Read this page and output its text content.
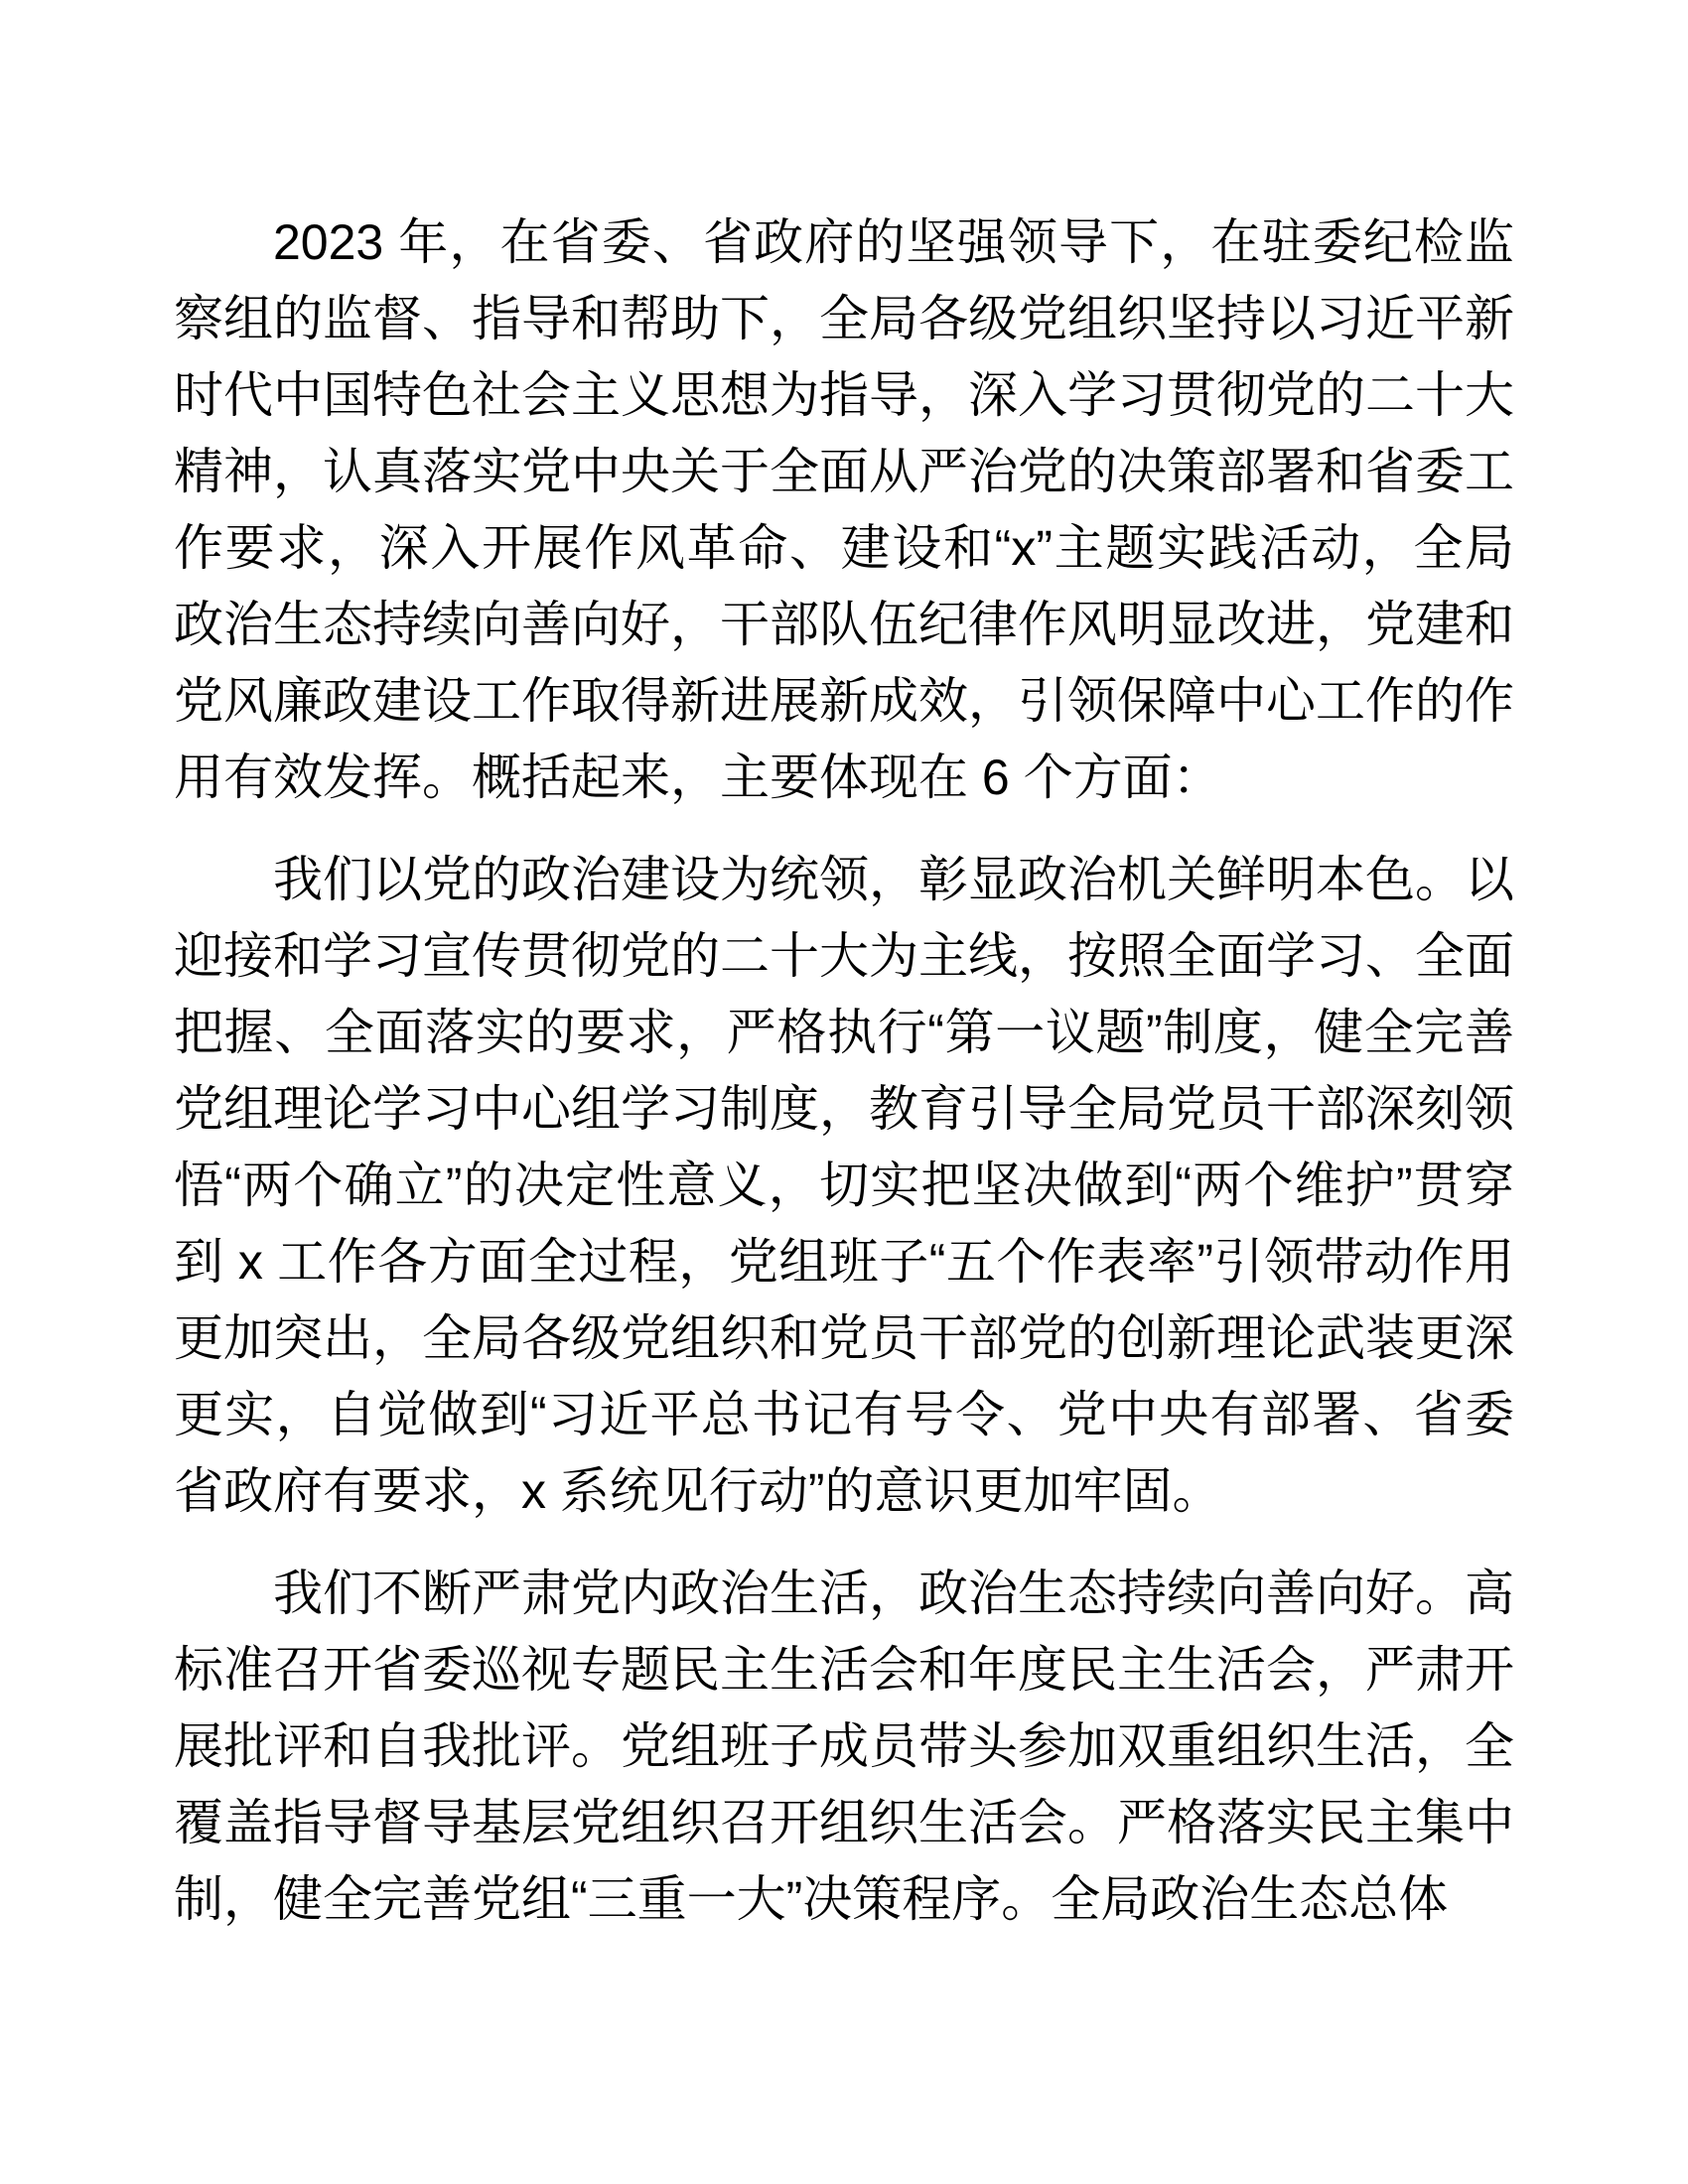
2023 年，在省委、省政府的坚强领导下，在驻委纪检监察组的监督、指导和帮助下，全局各级党组织坚持以习近平新时代中国特色社会主义思想为指导，深入学习贯彻党的二十大精神，认真落实党中央关于全面从严治党的决策部署和省委工作要求，深入开展作风革命、建设和“x”主题实践活动，全局政治生态持续向善向好，干部队伍纪律作风明显改进，党建和党风廉政建设工作取得新进展新成效，引领保障中心工作的作用有效发挥。概括起来，主要体现在 6 个方面：

我们以党的政治建设为统领，彰显政治机关鲜明本色。以迎接和学习宣传贯彻党的二十大为主线，按照全面学习、全面把握、全面落实的要求，严格执行“第一议题”制度，健全完善党组理论学习中心组学习制度，教育引导全局党员干部深刻领悟“两个确立”的决定性意义，切实把坚决做到“两个维护”贯穿到 x 工作各方面全过程，党组班子“五个作表率”引领带动作用更加突出，全局各级党组织和党员干部党的创新理论武装更深更实，自觉做到“习近平总书记有号令、党中央有部署、省委省政府有要求，x 系统见行动”的意识更加牢固。

我们不断严肃党内政治生活，政治生态持续向善向好。高标准召开省委巡视专题民主生活会和年度民主生活会，严肃开展批评和自我批评。党组班子成员带头参加双重组织生活，全覆盖指导督导基层党组织召开组织生活会。严格落实民主集中制，健全完善党组“三重一大”决策程序。全局政治生态总体
